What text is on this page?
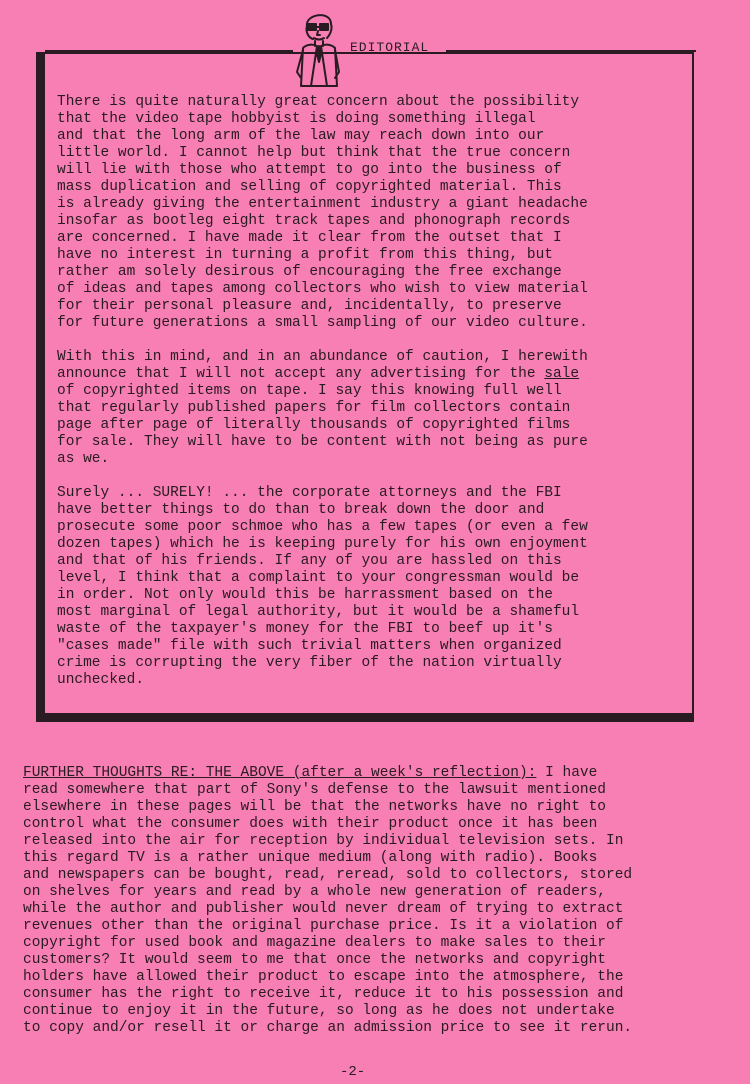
EDITORIAL
There is quite naturally great concern about the possibility
that the video tape hobbyist is doing something illegal
and that the long arm of the law may reach down into our
little world. I cannot help but think that the true concern
will lie with those who attempt to go into the business of
mass duplication and selling of copyrighted material. This
is already giving the entertainment industry a giant headache
insofar as bootleg eight track tapes and phonograph records
are concerned. I have made it clear from the outset that I
have no interest in turning a profit from this thing, but
rather am solely desirous of encouraging the free exchange
of ideas and tapes among collectors who wish to view material
for their personal pleasure and, incidentally, to preserve
for future generations a small sampling of our video culture.
With this in mind, and in an abundance of caution, I herewith
announce that I will not accept any advertising for the sale
of copyrighted items on tape. I say this knowing full well
that regularly published papers for film collectors contain
page after page of literally thousands of copyrighted films
for sale. They will have to be content with not being as pure
as we.
Surely ... SURELY! ... the corporate attorneys and the FBI
have better things to do than to break down the door and
prosecute some poor schmoe who has a few tapes (or even a few
dozen tapes) which he is keeping purely for his own enjoyment
and that of his friends. If any of you are hassled on this
level, I think that a complaint to your congressman would be
in order. Not only would this be harrassment based on the
most marginal of legal authority, but it would be a shameful
waste of the taxpayer's money for the FBI to beef up it's
"cases made" file with such trivial matters when organized
crime is corrupting the very fiber of the nation virtually
unchecked.
FURTHER THOUGHTS RE: THE ABOVE (after a week's reflection): I have
read somewhere that part of Sony's defense to the lawsuit mentioned
elsewhere in these pages will be that the networks have no right to
control what the consumer does with their product once it has been
released into the air for reception by individual television sets. In
this regard TV is a rather unique medium (along with radio). Books
and newspapers can be bought, read, reread, sold to collectors, stored
on shelves for years and read by a whole new generation of readers,
while the author and publisher would never dream of trying to extract
revenues other than the original purchase price. Is it a violation of
copyright for used book and magazine dealers to make sales to their
customers? It would seem to me that once the networks and copyright
holders have allowed their product to escape into the atmosphere, the
consumer has the right to receive it, reduce it to his possession and
continue to enjoy it in the future, so long as he does not undertake
to copy and/or resell it or charge an admission price to see it rerun.
-2-
